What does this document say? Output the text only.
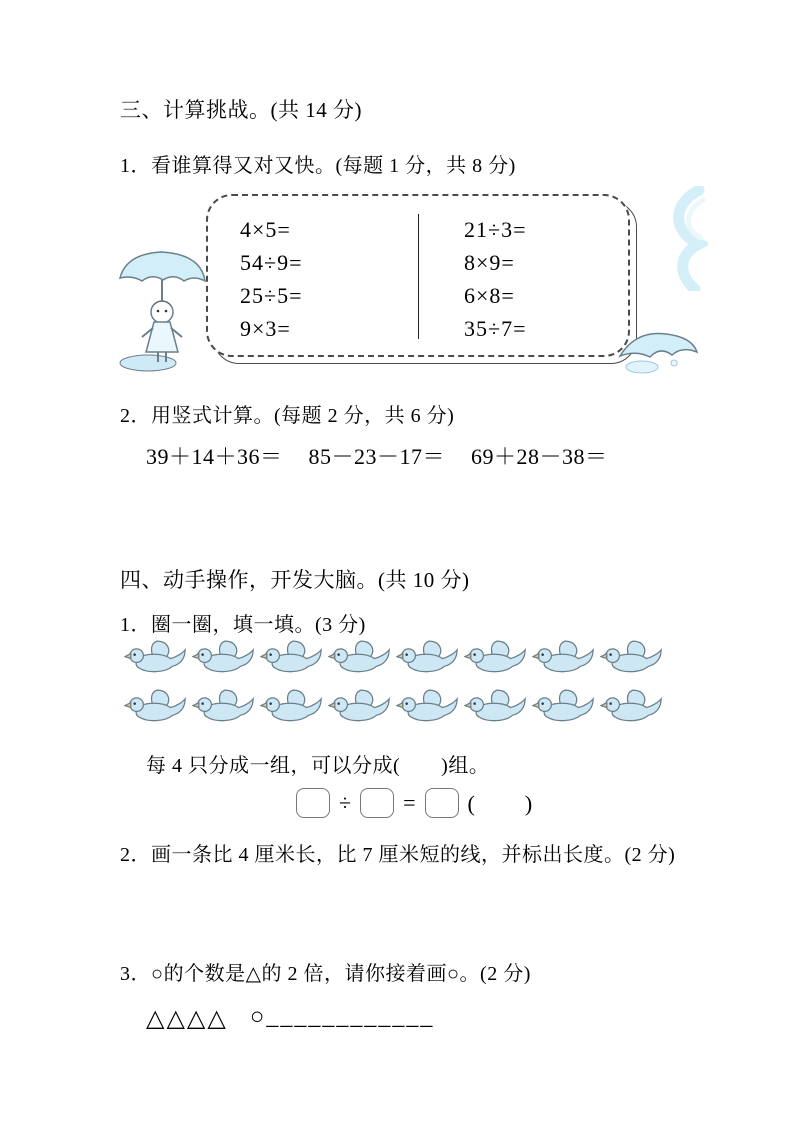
三、计算挑战。(共 14 分)
1．看谁算得又对又快。(每题 1 分，共 8 分)
4×5=
54÷9=
25÷5=
9×3=
21÷3=
8×9=
6×8=
35÷7=
2．用竖式计算。(每题 2 分，共 6 分)
39＋14＋36＝ 85－23－17＝ 69＋28－38＝
四、动手操作，开发大脑。(共 10 分)
1．圈一圈，填一填。(3 分)
每 4 只分成一组，可以分成(　　)组。
÷ = (　　)
2．画一条比 4 厘米长，比 7 厘米短的线，并标出长度。(2 分)
3．○的个数是△的 2 倍，请你接着画○。(2 分)
△△△△ ○____________
